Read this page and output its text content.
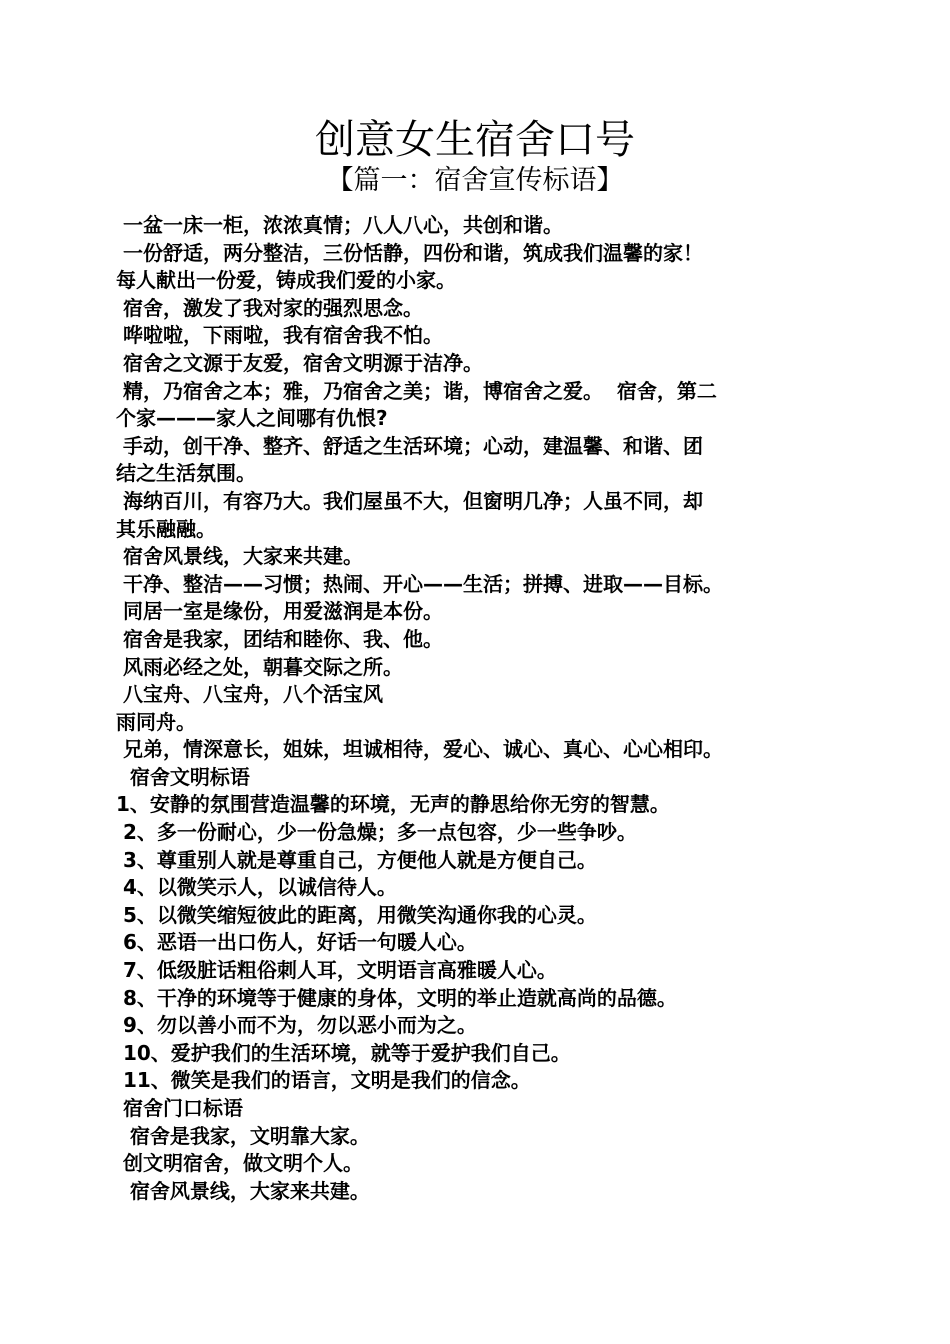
创意女生宿舍口号
【篇一：宿舍宣传标语】
一盆一床一柜，浓浓真情；八人八心，共创和谐。
一份舒适，两分整洁，三份恬静，四份和谐，筑成我们温馨的家！
每人献出一份爱，铸成我们爱的小家。
宿舍，激发了我对家的强烈思念。
哗啦啦，下雨啦，我有宿舍我不怕。
宿舍之文源于友爱，宿舍文明源于洁净。
精，乃宿舍之本；雅，乃宿舍之美；谐，博宿舍之爱。  宿舍，第二
个家———家人之间哪有仇恨?
手动，创干净、整齐、舒适之生活环境；心动，建温馨、和谐、团
结之生活氛围。
海纳百川，有容乃大。我们屋虽不大，但窗明几净；人虽不同，却
其乐融融。
宿舍风景线，大家来共建。
干净、整洁——习惯；热闹、开心——生活；拼搏、进取——目标。
同居一室是缘份，用爱滋润是本份。
宿舍是我家，团结和睦你、我、他。
风雨必经之处，朝暮交际之所。
八宝舟、八宝舟，八个活宝风
雨同舟。
兄弟，情深意长，姐妹，坦诚相待，爱心、诚心、真心、心心相印。
宿舍文明标语
1、安静的氛围营造温馨的环境，无声的静思给你无穷的智慧。
2、多一份耐心，少一份急燥；多一点包容，少一些争吵。
3、尊重别人就是尊重自己，方便他人就是方便自己。
4、以微笑示人，以诚信待人。
5、以微笑缩短彼此的距离，用微笑沟通你我的心灵。
6、恶语一出口伤人，好话一句暖人心。
7、低级脏话粗俗刺人耳，文明语言高雅暖人心。
8、干净的环境等于健康的身体，文明的举止造就高尚的品德。
9、勿以善小而不为，勿以恶小而为之。
10、爱护我们的生活环境，就等于爱护我们自己。
11、微笑是我们的语言，文明是我们的信念。
宿舍门口标语
宿舍是我家，文明靠大家。
创文明宿舍，做文明个人。
宿舍风景线，大家来共建。
